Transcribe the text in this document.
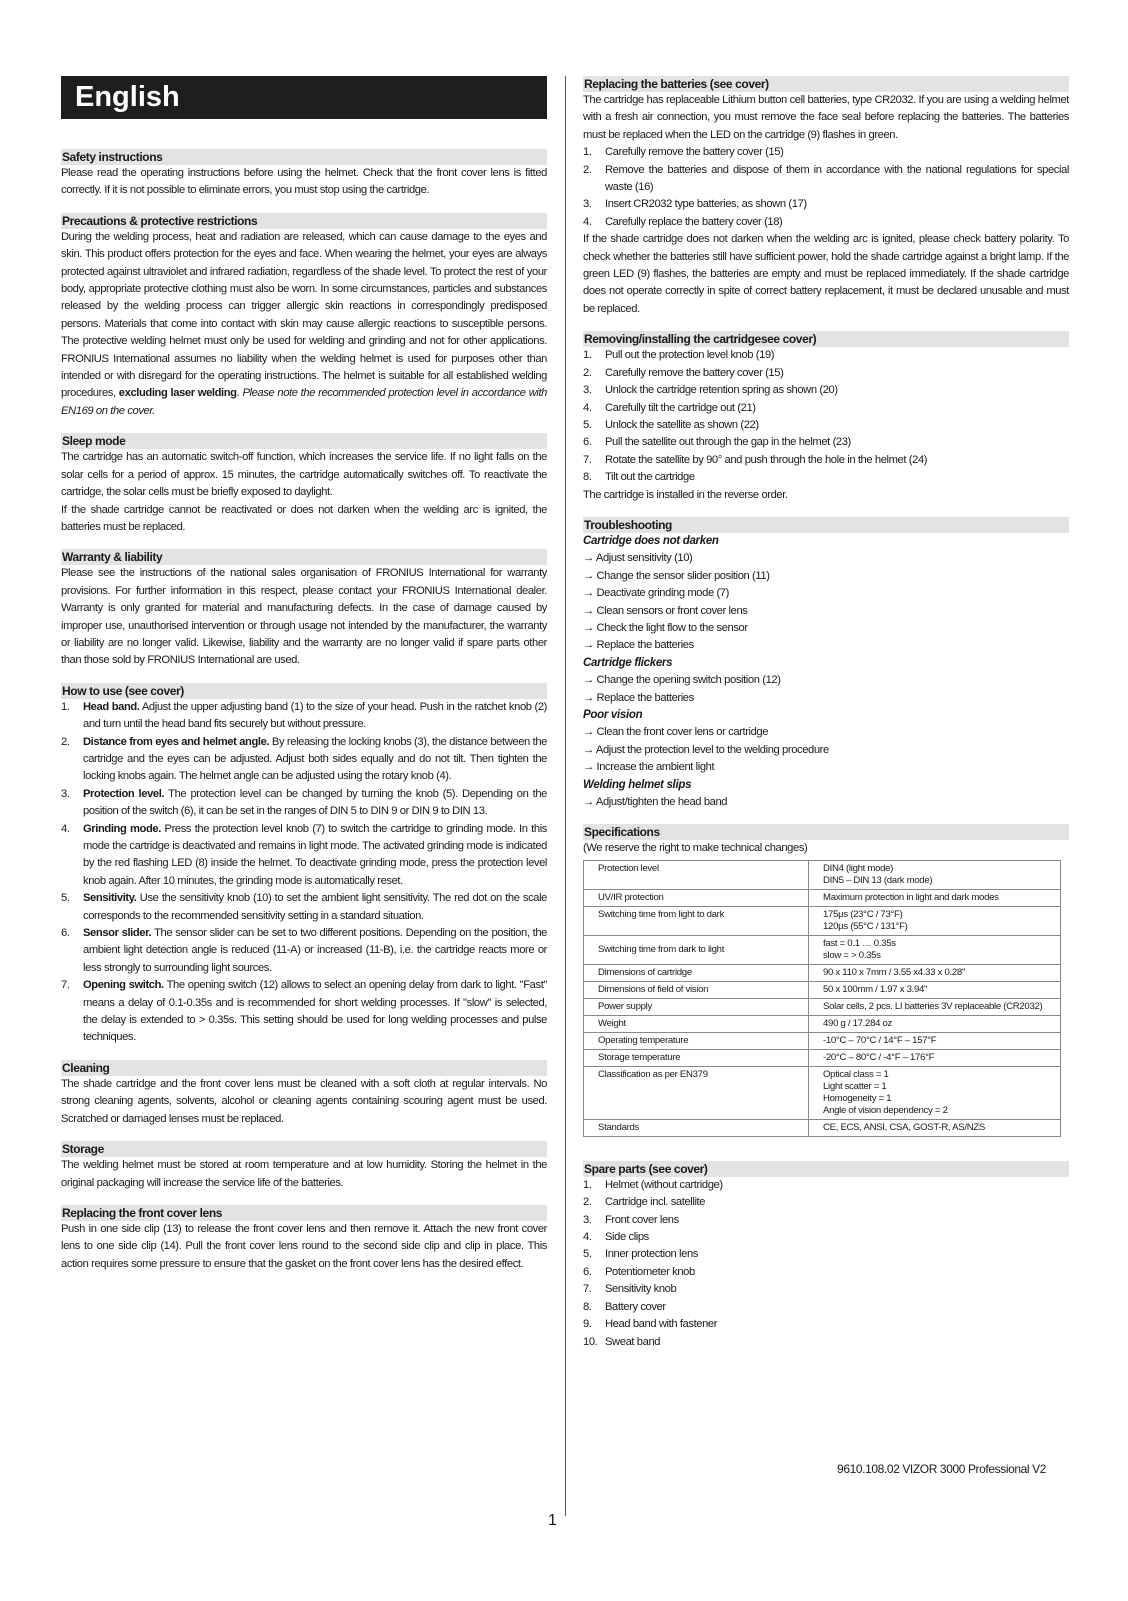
English
Safety instructions

Please read the operating instructions before using the helmet. Check that the front cover lens is fitted correctly. If it is not possible to eliminate errors, you must stop using the cartridge.

Precautions & protective restrictions

During the welding process, heat and radiation are released, which can cause damage to the eyes and skin. This product offers protection for the eyes and face. When wearing the helmet, your eyes are always protected against ultraviolet and infrared radiation, regardless of the shade level. To protect the rest of your body, appropriate protective clothing must also be worn. In some circumstances, particles and substances released by the welding process can trigger allergic skin reactions in correspondingly predisposed persons. Materials that come into contact with skin may cause allergic reactions to susceptible persons. The protective welding helmet must only be used for welding and grinding and not for other applications. FRONIUS International assumes no liability when the welding helmet is used for purposes other than intended or with disregard for the operating instructions. The helmet is suitable for all established welding procedures, excluding laser welding. Please note the recommended protection level in accordance with EN169 on the cover.

Sleep mode

The cartridge has an automatic switch-off function, which increases the service life. If no light falls on the solar cells for a period of approx. 15 minutes, the cartridge automatically switches off. To reactivate the cartridge, the solar cells must be briefly exposed to daylight.

If the shade cartridge cannot be reactivated or does not darken when the welding arc is ignited, the batteries must be replaced.

Warranty & liability

Please see the instructions of the national sales organisation of FRONIUS International for warranty provisions. For further information in this respect, please contact your FRONIUS International dealer. Warranty is only granted for material and manufacturing defects. In the case of damage caused by improper use, unauthorised intervention or through usage not intended by the manufacturer, the warranty or liability are no longer valid. Likewise, liability and the warranty are no longer valid if spare parts other than those sold by FRONIUS International are used.

How to use (see cover)
1. Head band. Adjust the upper adjusting band (1) to the size of your head. Push in the ratchet knob (2) and turn until the head band fits securely but without pressure.
2. Distance from eyes and helmet angle. By releasing the locking knobs (3), the distance between the cartridge and the eyes can be adjusted. Adjust both sides equally and do not tilt. Then tighten the locking knobs again. The helmet angle can be adjusted using the rotary knob (4).
3. Protection level. The protection level can be changed by turning the knob (5). Depending on the position of the switch (6), it can be set in the ranges of DIN 5 to DIN 9 or DIN 9 to DIN 13.
4. Grinding mode. Press the protection level knob (7) to switch the cartridge to grinding mode. In this mode the cartridge is deactivated and remains in light mode. The activated grinding mode is indicated by the red flashing LED (8) inside the helmet. To deactivate grinding mode, press the protection level knob again. After 10 minutes, the grinding mode is automatically reset.
5. Sensitivity. Use the sensitivity knob (10) to set the ambient light sensitivity. The red dot on the scale corresponds to the recommended sensitivity setting in a standard situation.
6. Sensor slider. The sensor slider can be set to two different positions. Depending on the position, the ambient light detection angle is reduced (11-A) or increased (11-B), i.e. the cartridge reacts more or less strongly to surrounding light sources.
7. Opening switch. The opening switch (12) allows to select an opening delay from dark to light. "Fast" means a delay of 0.1-0.35s and is recommended for short welding processes. If "slow" is selected, the delay is extended to > 0.35s. This setting should be used for long welding processes and pulse techniques.
Cleaning

The shade cartridge and the front cover lens must be cleaned with a soft cloth at regular intervals. No strong cleaning agents, solvents, alcohol or cleaning agents containing scouring agent must be used. Scratched or damaged lenses must be replaced.

Storage

The welding helmet must be stored at room temperature and at low humidity. Storing the helmet in the original packaging will increase the service life of the batteries.

Replacing the front cover lens

Push in one side clip (13) to release the front cover lens and then remove it. Attach the new front cover lens to one side clip (14). Pull the front cover lens round to the second side clip and clip in place. This action requires some pressure to ensure that the gasket on the front cover lens has the desired effect.

Replacing the batteries (see cover)

The cartridge has replaceable Lithium button cell batteries, type CR2032. If you are using a welding helmet with a fresh air connection, you must remove the face seal before replacing the batteries. The batteries must be replaced when the LED on the cartridge (9) flashes in green.

1. Carefully remove the battery cover (15)
2. Remove the batteries and dispose of them in accordance with the national regulations for special waste (16)
3. Insert CR2032 type batteries, as shown (17)
4. Carefully replace the battery cover (18)

If the shade cartridge does not darken when the welding arc is ignited, please check battery polarity. To check whether the batteries still have sufficient power, hold the shade cartridge against a bright lamp. If the green LED (9) flashes, the batteries are empty and must be replaced immediately. If the shade cartridge does not operate correctly in spite of correct battery replacement, it must be declared unusable and must be replaced.

Removing/installing the cartridgesee cover)
1. Pull out the protection level knob (19)
2. Carefully remove the battery cover (15)
3. Unlock the cartridge retention spring as shown (20)
4. Carefully tilt the cartridge out (21)
5. Unlock the satellite as shown (22)
6. Pull the satellite out through the gap in the helmet (23)
7. Rotate the satellite by 90° and push through the hole in the helmet (24)
8. Tilt out the cartridge

The cartridge is installed in the reverse order.

Troubleshooting
Cartridge does not darken
→ Adjust sensitivity (10)
→ Change the sensor slider position (11)
→ Deactivate grinding mode (7)
→ Clean sensors or front cover lens
→ Check the light flow to the sensor
→ Replace the batteries
Cartridge flickers
→ Change the opening switch position (12)
→ Replace the batteries
Poor vision
→ Clean the front cover lens or cartridge
→ Adjust the protection level to the welding procedure
→ Increase the ambient light
Welding helmet slips
→ Adjust/tighten the head band
Specifications

(We reserve the right to make technical changes)

Protection level	DIN4 (light mode)
DIN5 – DIN 13 (dark mode)

UV/IR protection	Maximum protection in light and dark modes

Switching time from light to dark	175µs (23°C / 73°F)
120µs (55°C / 131°F)

Switching time from dark to light	fast = 0.1 … 0.35s
slow = > 0.35s

Dimensions of cartridge	90 x 110 x 7mm / 3.55 x4.33 x 0.28"

Dimensions of field of vision	50 x 100mm / 1.97 x 3.94"

Power supply	Solar cells, 2 pcs. LI batteries 3V replaceable (CR2032)

Weight	490 g / 17.284 oz

Operating temperature	-10°C – 70°C / 14°F – 157°F

Storage temperature	-20°C – 80°C / -4°F – 176°F

Classification as per EN379	Optical class = 1
Light scatter = 1
Homogeneity = 1
Angle of vision dependency = 2

Standards	CE, ECS, ANSI, CSA, GOST-R, AS/NZS
Spare parts (see cover)
1. Helmet (without cartridge)
2. Cartridge incl. satellite
3. Front cover lens
4. Side clips
5. Inner protection lens
6. Potentiometer knob
7. Sensitivity knob
8. Battery cover
9. Head band with fastener
10. Sweat band
9610.108.02 VIZOR 3000 Professional V2
1
